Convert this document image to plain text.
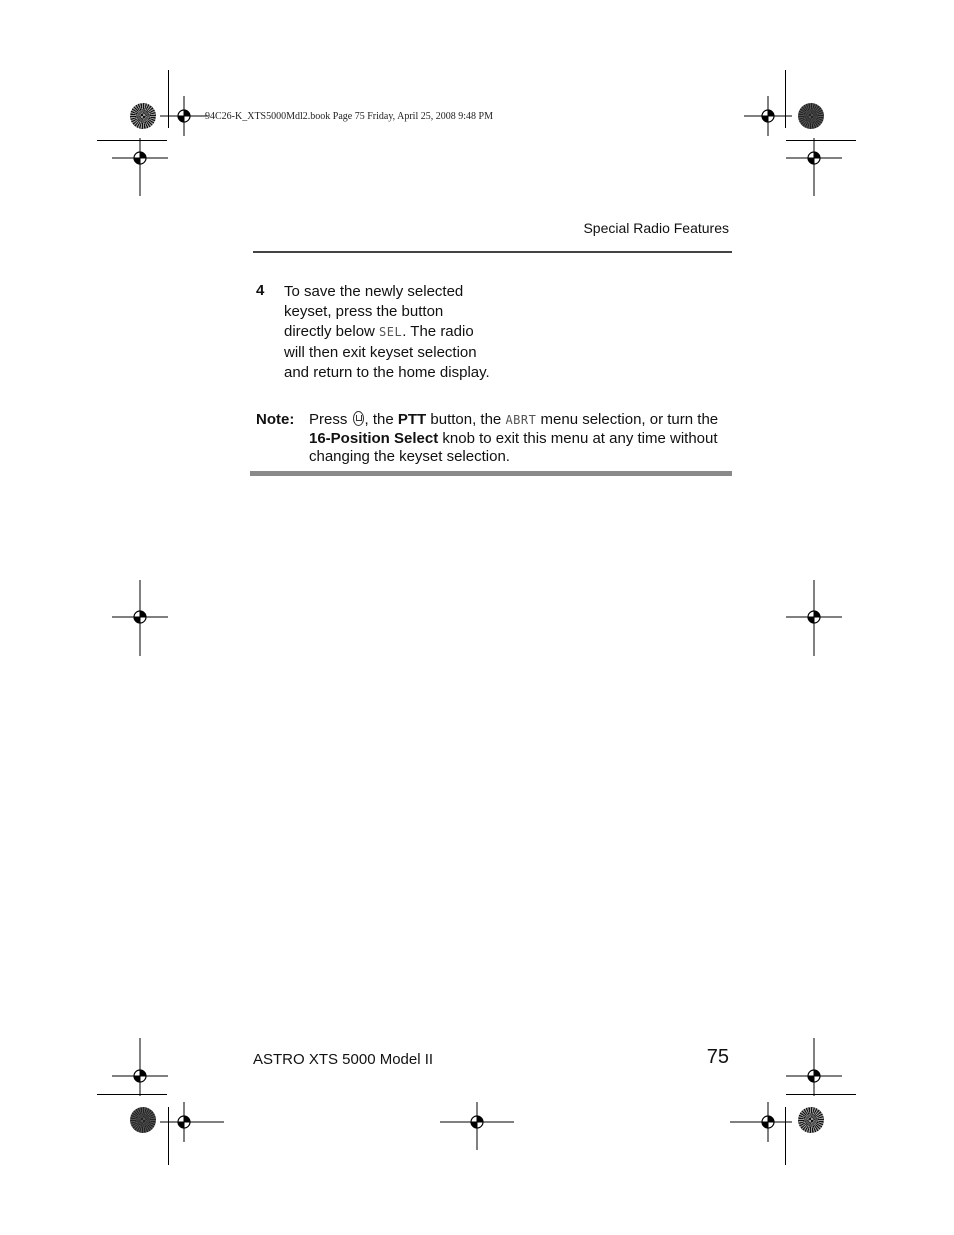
94C26-K_XTS5000Mdl2.book Page 75 Friday, April 25, 2008 9:48 PM
Special Radio Features
4 To save the newly selected keyset, press the button directly below SEL. The radio will then exit keyset selection and return to the home display.
Note: Press , the PTT button, the ABRT menu selection, or turn the 16-Position Select knob to exit this menu at any time without changing the keyset selection.
ASTRO XTS 5000 Model II	75
